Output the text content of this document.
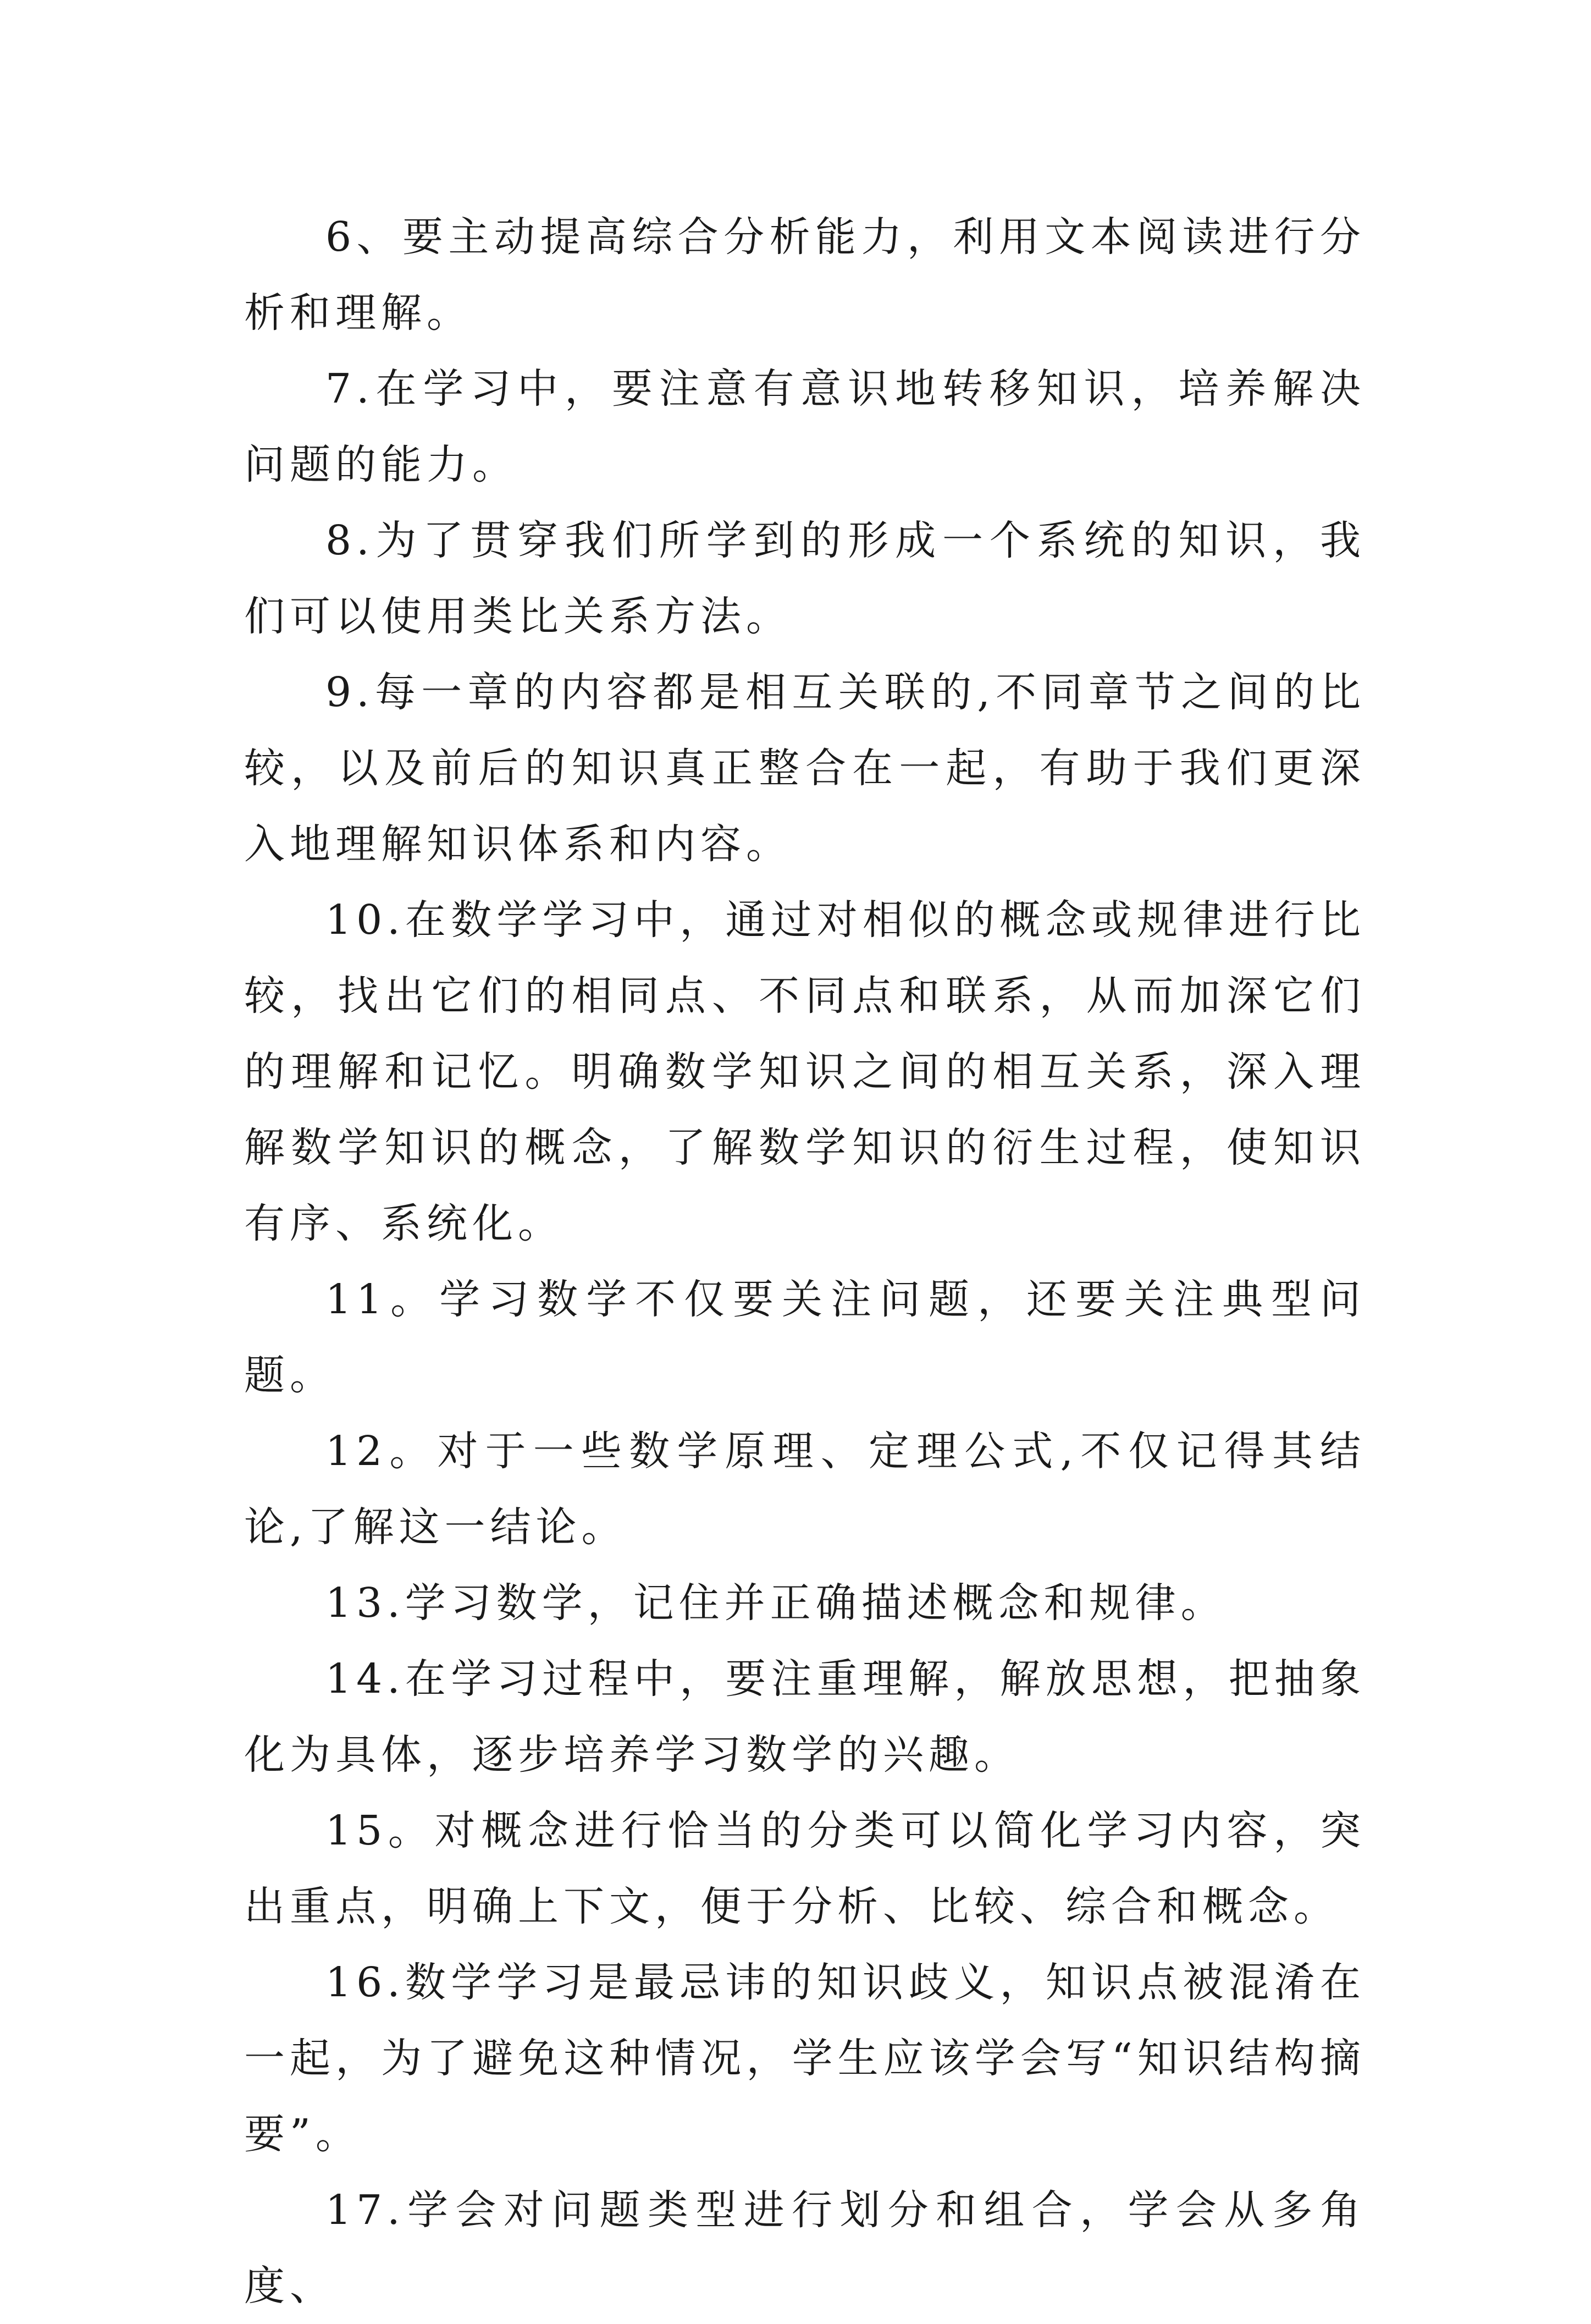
6、要主动提高综合分析能力，利用文本阅读进行分析和理解。

7.在学习中，要注意有意识地转移知识，培养解决问题的能力。

8.为了贯穿我们所学到的形成一个系统的知识，我们可以使用类比关系方法。

9.每一章的内容都是相互关联的,不同章节之间的比较，以及前后的知识真正整合在一起，有助于我们更深入地理解知识体系和内容。

10.在数学学习中，通过对相似的概念或规律进行比较，找出它们的相同点、不同点和联系，从而加深它们的理解和记忆。明确数学知识之间的相互关系，深入理解数学知识的概念，了解数学知识的衍生过程，使知识有序、系统化。

11。学习数学不仅要关注问题，还要关注典型问题。

12。对于一些数学原理、定理公式,不仅记得其结论,了解这一结论。

13.学习数学，记住并正确描述概念和规律。

14.在学习过程中，要注重理解，解放思想，把抽象化为具体，逐步培养学习数学的兴趣。

15。对概念进行恰当的分类可以简化学习内容，突出重点，明确上下文，便于分析、比较、综合和概念。

16.数学学习是最忌讳的知识歧义，知识点被混淆在一起，为了避免这种情况，学生应该学会写“知识结构摘要”。

17.学会对问题类型进行划分和组合，学会从多角度、
